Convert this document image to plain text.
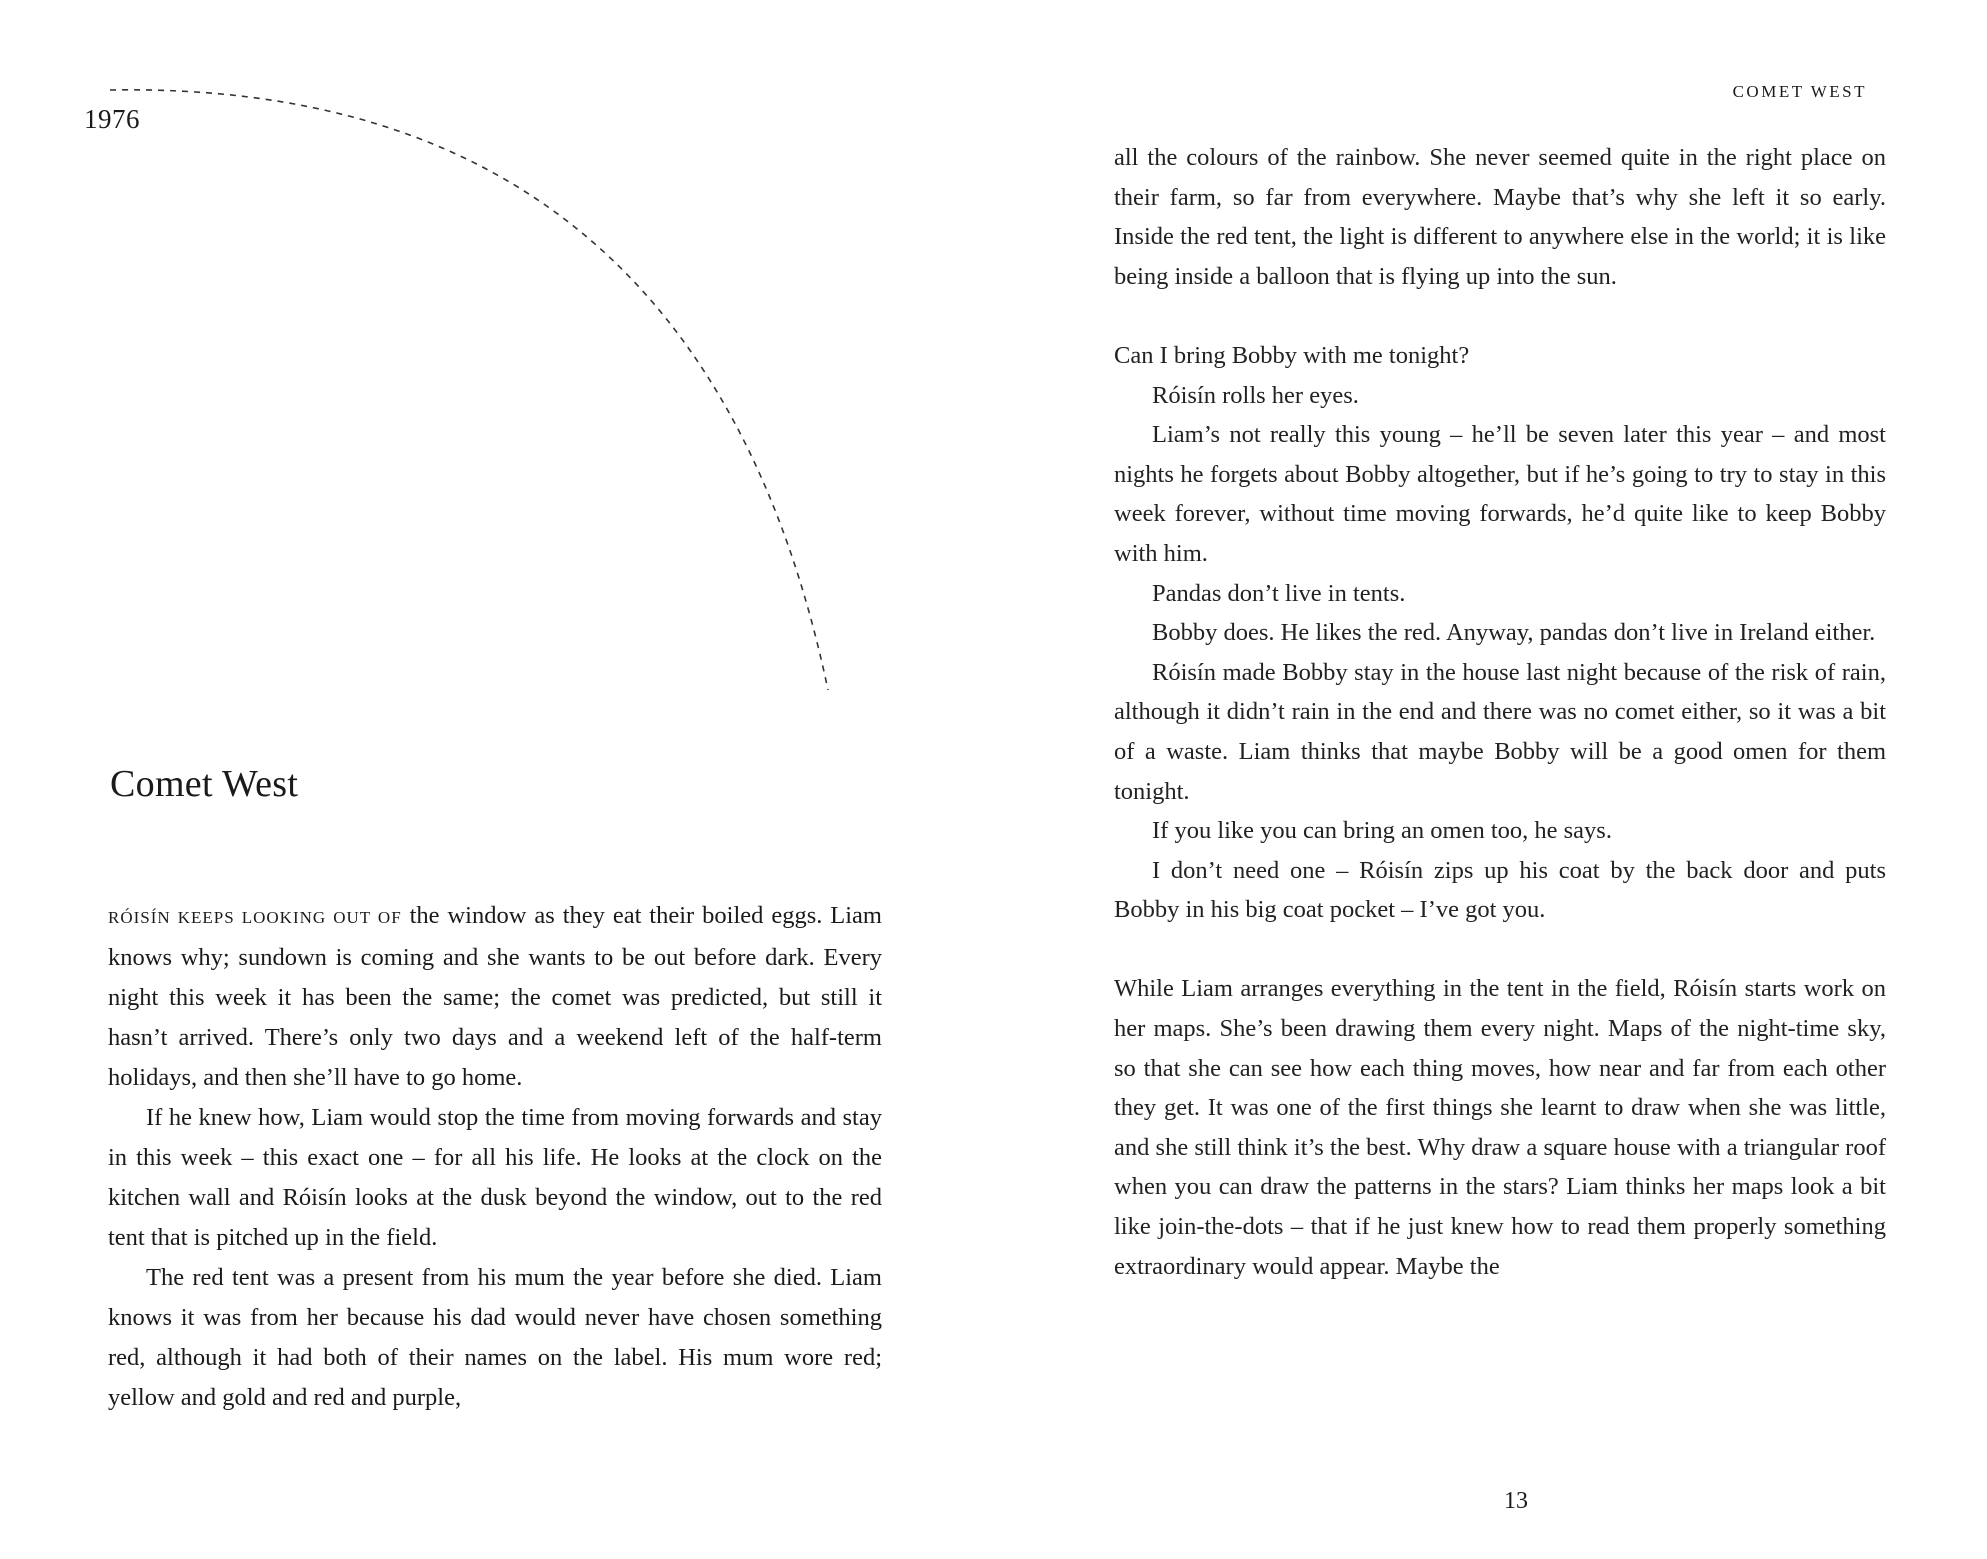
1976
Comet West

RÓISÍN KEEPS LOOKING OUT OF the window as they eat their boiled eggs. Liam knows why; sundown is coming and she wants to be out before dark. Every night this week it has been the same; the comet was predicted, but still it hasn’t arrived. There’s only two days and a weekend left of the half-term holidays, and then she’ll have to go home.

If he knew how, Liam would stop the time from moving forwards and stay in this week – this exact one – for all his life. He looks at the clock on the kitchen wall and Róisín looks at the dusk beyond the window, out to the red tent that is pitched up in the field.

The red tent was a present from his mum the year before she died. Liam knows it was from her because his dad would never have chosen something red, although it had both of their names on the label. His mum wore red; yellow and gold and red and purple,

COMET WEST

all the colours of the rainbow. She never seemed quite in the right place on their farm, so far from everywhere. Maybe that’s why she left it so early. Inside the red tent, the light is different to anywhere else in the world; it is like being inside a balloon that is flying up into the sun.

Can I bring Bobby with me tonight?

Róisín rolls her eyes.

Liam’s not really this young – he’ll be seven later this year – and most nights he forgets about Bobby altogether, but if he’s going to try to stay in this week forever, without time moving forwards, he’d quite like to keep Bobby with him.

Pandas don’t live in tents.

Bobby does. He likes the red. Anyway, pandas don’t live in Ireland either.

Róisín made Bobby stay in the house last night because of the risk of rain, although it didn’t rain in the end and there was no comet either, so it was a bit of a waste. Liam thinks that maybe Bobby will be a good omen for them tonight.

If you like you can bring an omen too, he says.

I don’t need one – Róisín zips up his coat by the back door and puts Bobby in his big coat pocket – I’ve got you.

While Liam arranges everything in the tent in the field, Róisín starts work on her maps. She’s been drawing them every night. Maps of the night-time sky, so that she can see how each thing moves, how near and far from each other they get. It was one of the first things she learnt to draw when she was little, and she still think it’s the best. Why draw a square house with a triangular roof when you can draw the patterns in the stars? Liam thinks her maps look a bit like join-the-dots – that if he just knew how to read them properly something extraordinary would appear. Maybe the

13
